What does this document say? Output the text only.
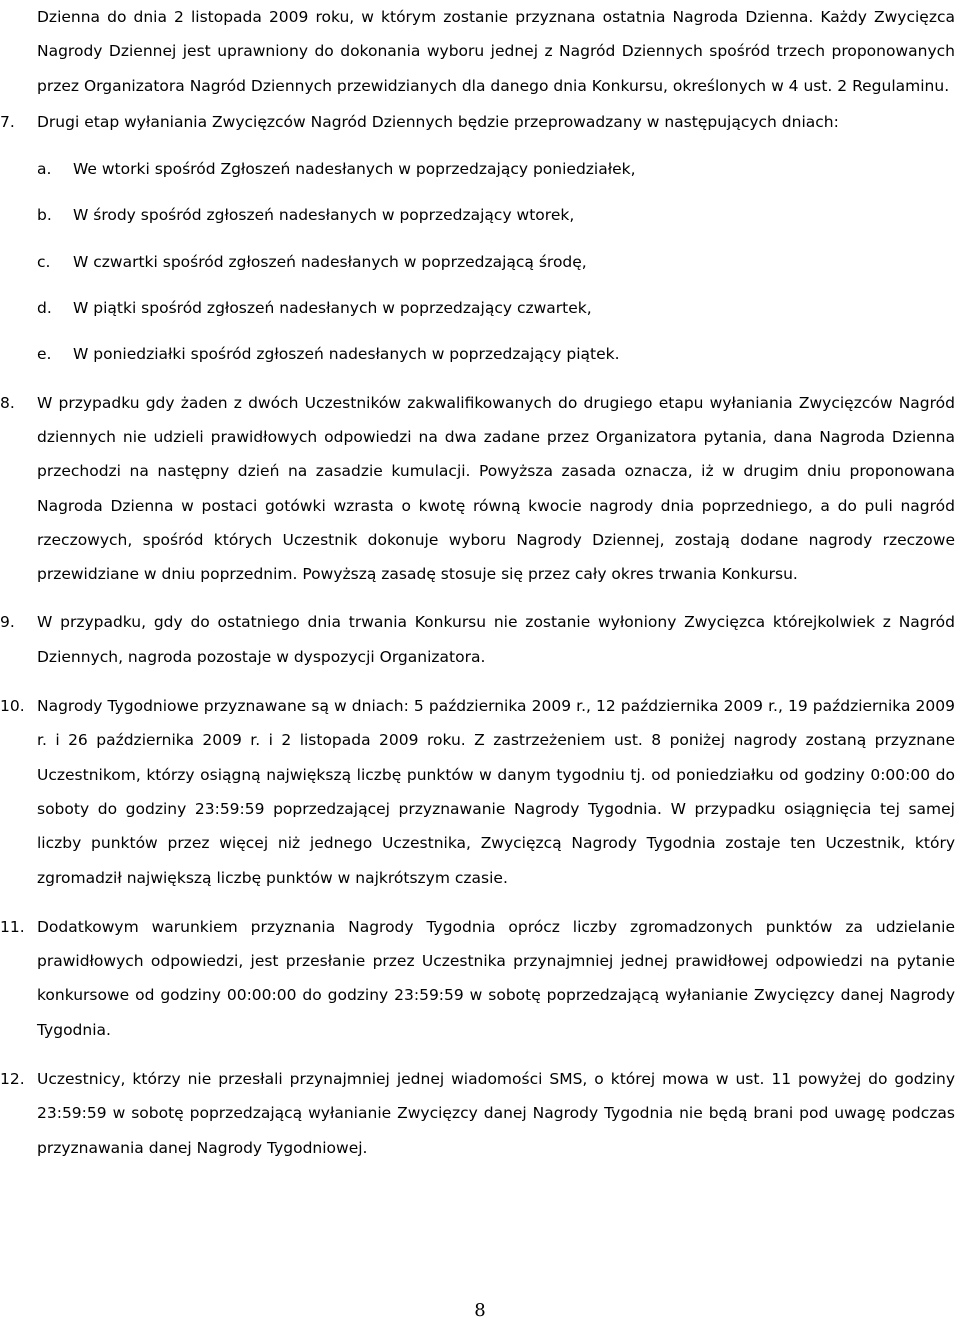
Dzienna do dnia 2 listopada 2009 roku, w którym zostanie przyznana ostatnia Nagroda Dzienna. Każdy Zwycięzca Nagrody Dziennej jest uprawniony do dokonania wyboru jednej z Nagród Dziennych spośród trzech proponowanych przez Organizatora Nagród Dziennych przewidzianych dla danego dnia Konkursu, określonych w 4 ust. 2 Regulaminu.

7.	Drugi etap wyłaniania Zwycięzców Nagród Dziennych będzie przeprowadzany w następujących dniach:

a.	We wtorki spośród Zgłoszeń nadesłanych w poprzedzający poniedziałek,
b.	W środy spośród zgłoszeń nadesłanych w poprzedzający wtorek,
c.	W czwartki spośród zgłoszeń nadesłanych w poprzedzającą środę,
d.	W piątki spośród zgłoszeń nadesłanych w poprzedzający czwartek,
e.	W poniedziałki spośród zgłoszeń nadesłanych w poprzedzający piątek.
8.	W przypadku gdy żaden z dwóch Uczestników zakwalifikowanych do drugiego etapu wyłaniania Zwycięzców Nagród dziennych nie udzieli prawidłowych odpowiedzi na dwa zadane przez Organizatora pytania, dana Nagroda Dzienna przechodzi na następny dzień na zasadzie kumulacji. Powyższa zasada oznacza, iż w drugim dniu proponowana Nagroda Dzienna w postaci gotówki wzrasta o kwotę równą kwocie nagrody dnia poprzedniego, a do puli nagród rzeczowych, spośród których Uczestnik dokonuje wyboru Nagrody Dziennej, zostają dodane nagrody rzeczowe przewidziane w dniu poprzednim. Powyższą zasadę stosuje się przez cały okres trwania Konkursu.

9.	W przypadku, gdy do ostatniego dnia trwania Konkursu nie zostanie wyłoniony Zwycięzca którejkolwiek z Nagród Dziennych, nagroda pozostaje w dyspozycji Organizatora.

10. Nagrody Tygodniowe przyznawane są w dniach: 5 października 2009 r., 12 października 2009 r., 19 października 2009 r. i 26 października 2009 r. i 2 listopada 2009 roku. Z zastrzeżeniem ust. 8 poniżej nagrody zostaną przyznane Uczestnikom, którzy osiągną największą liczbę punktów w danym tygodniu tj. od poniedziałku od godziny 0:00:00 do soboty do godziny 23:59:59 poprzedzającej przyznawanie Nagrody Tygodnia. W przypadku osiągnięcia tej samej liczby punktów przez więcej niż jednego Uczestnika, Zwycięzcą Nagrody Tygodnia zostaje ten Uczestnik, który zgromadził największą liczbę punktów w najkrótszym czasie.

11. Dodatkowym warunkiem przyznania Nagrody Tygodnia oprócz liczby zgromadzonych punktów za udzielanie prawidłowych odpowiedzi, jest przesłanie przez Uczestnika przynajmniej jednej prawidłowej odpowiedzi na pytanie konkursowe od godziny 00:00:00 do godziny 23:59:59 w sobotę poprzedzającą wyłanianie Zwycięzcy danej Nagrody Tygodnia.

12. Uczestnicy, którzy nie przesłali przynajmniej jednej wiadomości SMS, o której mowa w ust. 11 powyżej do godziny 23:59:59 w sobotę poprzedzającą wyłanianie Zwycięzcy danej Nagrody Tygodnia nie będą brani pod uwagę podczas przyznawania danej Nagrody Tygodniowej.

8
